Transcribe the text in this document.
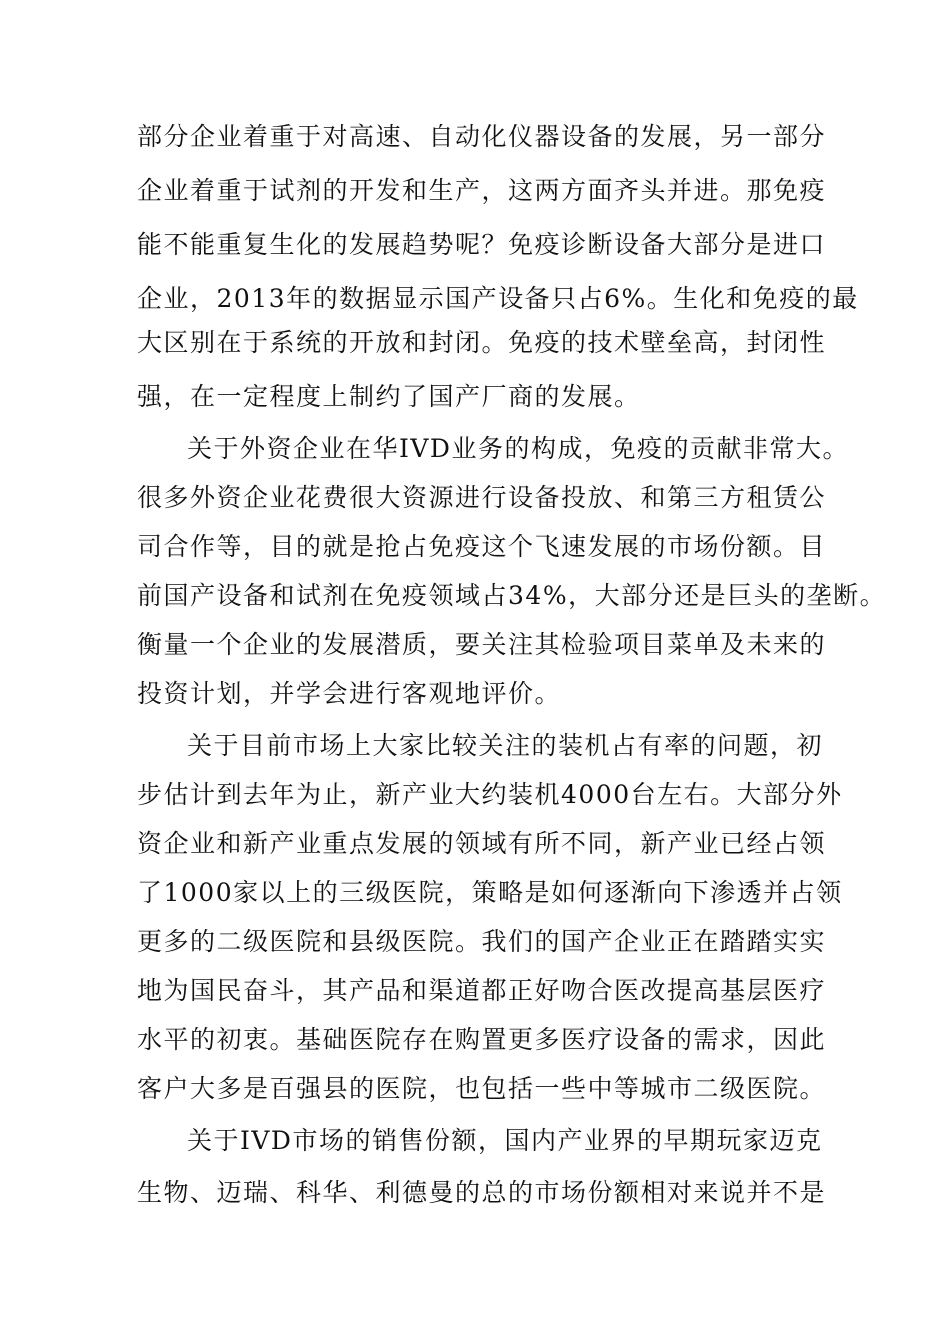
部分企业着重于对高速、自动化仪器设备的发展，另一部分
企业着重于试剂的开发和生产，这两方面齐头并进。那免疫
能不能重复生化的发展趋势呢？免疫诊断设备大部分是进口
企业，2013年的数据显示国产设备只占6%。生化和免疫的最
大区别在于系统的开放和封闭。免疫的技术壁垒高，封闭性
强，在一定程度上制约了国产厂商的发展。
关于外资企业在华IVD业务的构成，免疫的贡献非常大。
很多外资企业花费很大资源进行设备投放、和第三方租赁公
司合作等，目的就是抢占免疫这个飞速发展的市场份额。目
前国产设备和试剂在免疫领域占34%，大部分还是巨头的垄断。
衡量一个企业的发展潜质，要关注其检验项目菜单及未来的
投资计划，并学会进行客观地评价。
关于目前市场上大家比较关注的装机占有率的问题，初
步估计到去年为止，新产业大约装机4000台左右。大部分外
资企业和新产业重点发展的领域有所不同，新产业已经占领
了1000家以上的三级医院，策略是如何逐渐向下渗透并占领
更多的二级医院和县级医院。我们的国产企业正在踏踏实实
地为国民奋斗，其产品和渠道都正好吻合医改提高基层医疗
水平的初衷。基础医院存在购置更多医疗设备的需求，因此
客户大多是百强县的医院，也包括一些中等城市二级医院。
关于IVD市场的销售份额，国内产业界的早期玩家迈克
生物、迈瑞、科华、利德曼的总的市场份额相对来说并不是
